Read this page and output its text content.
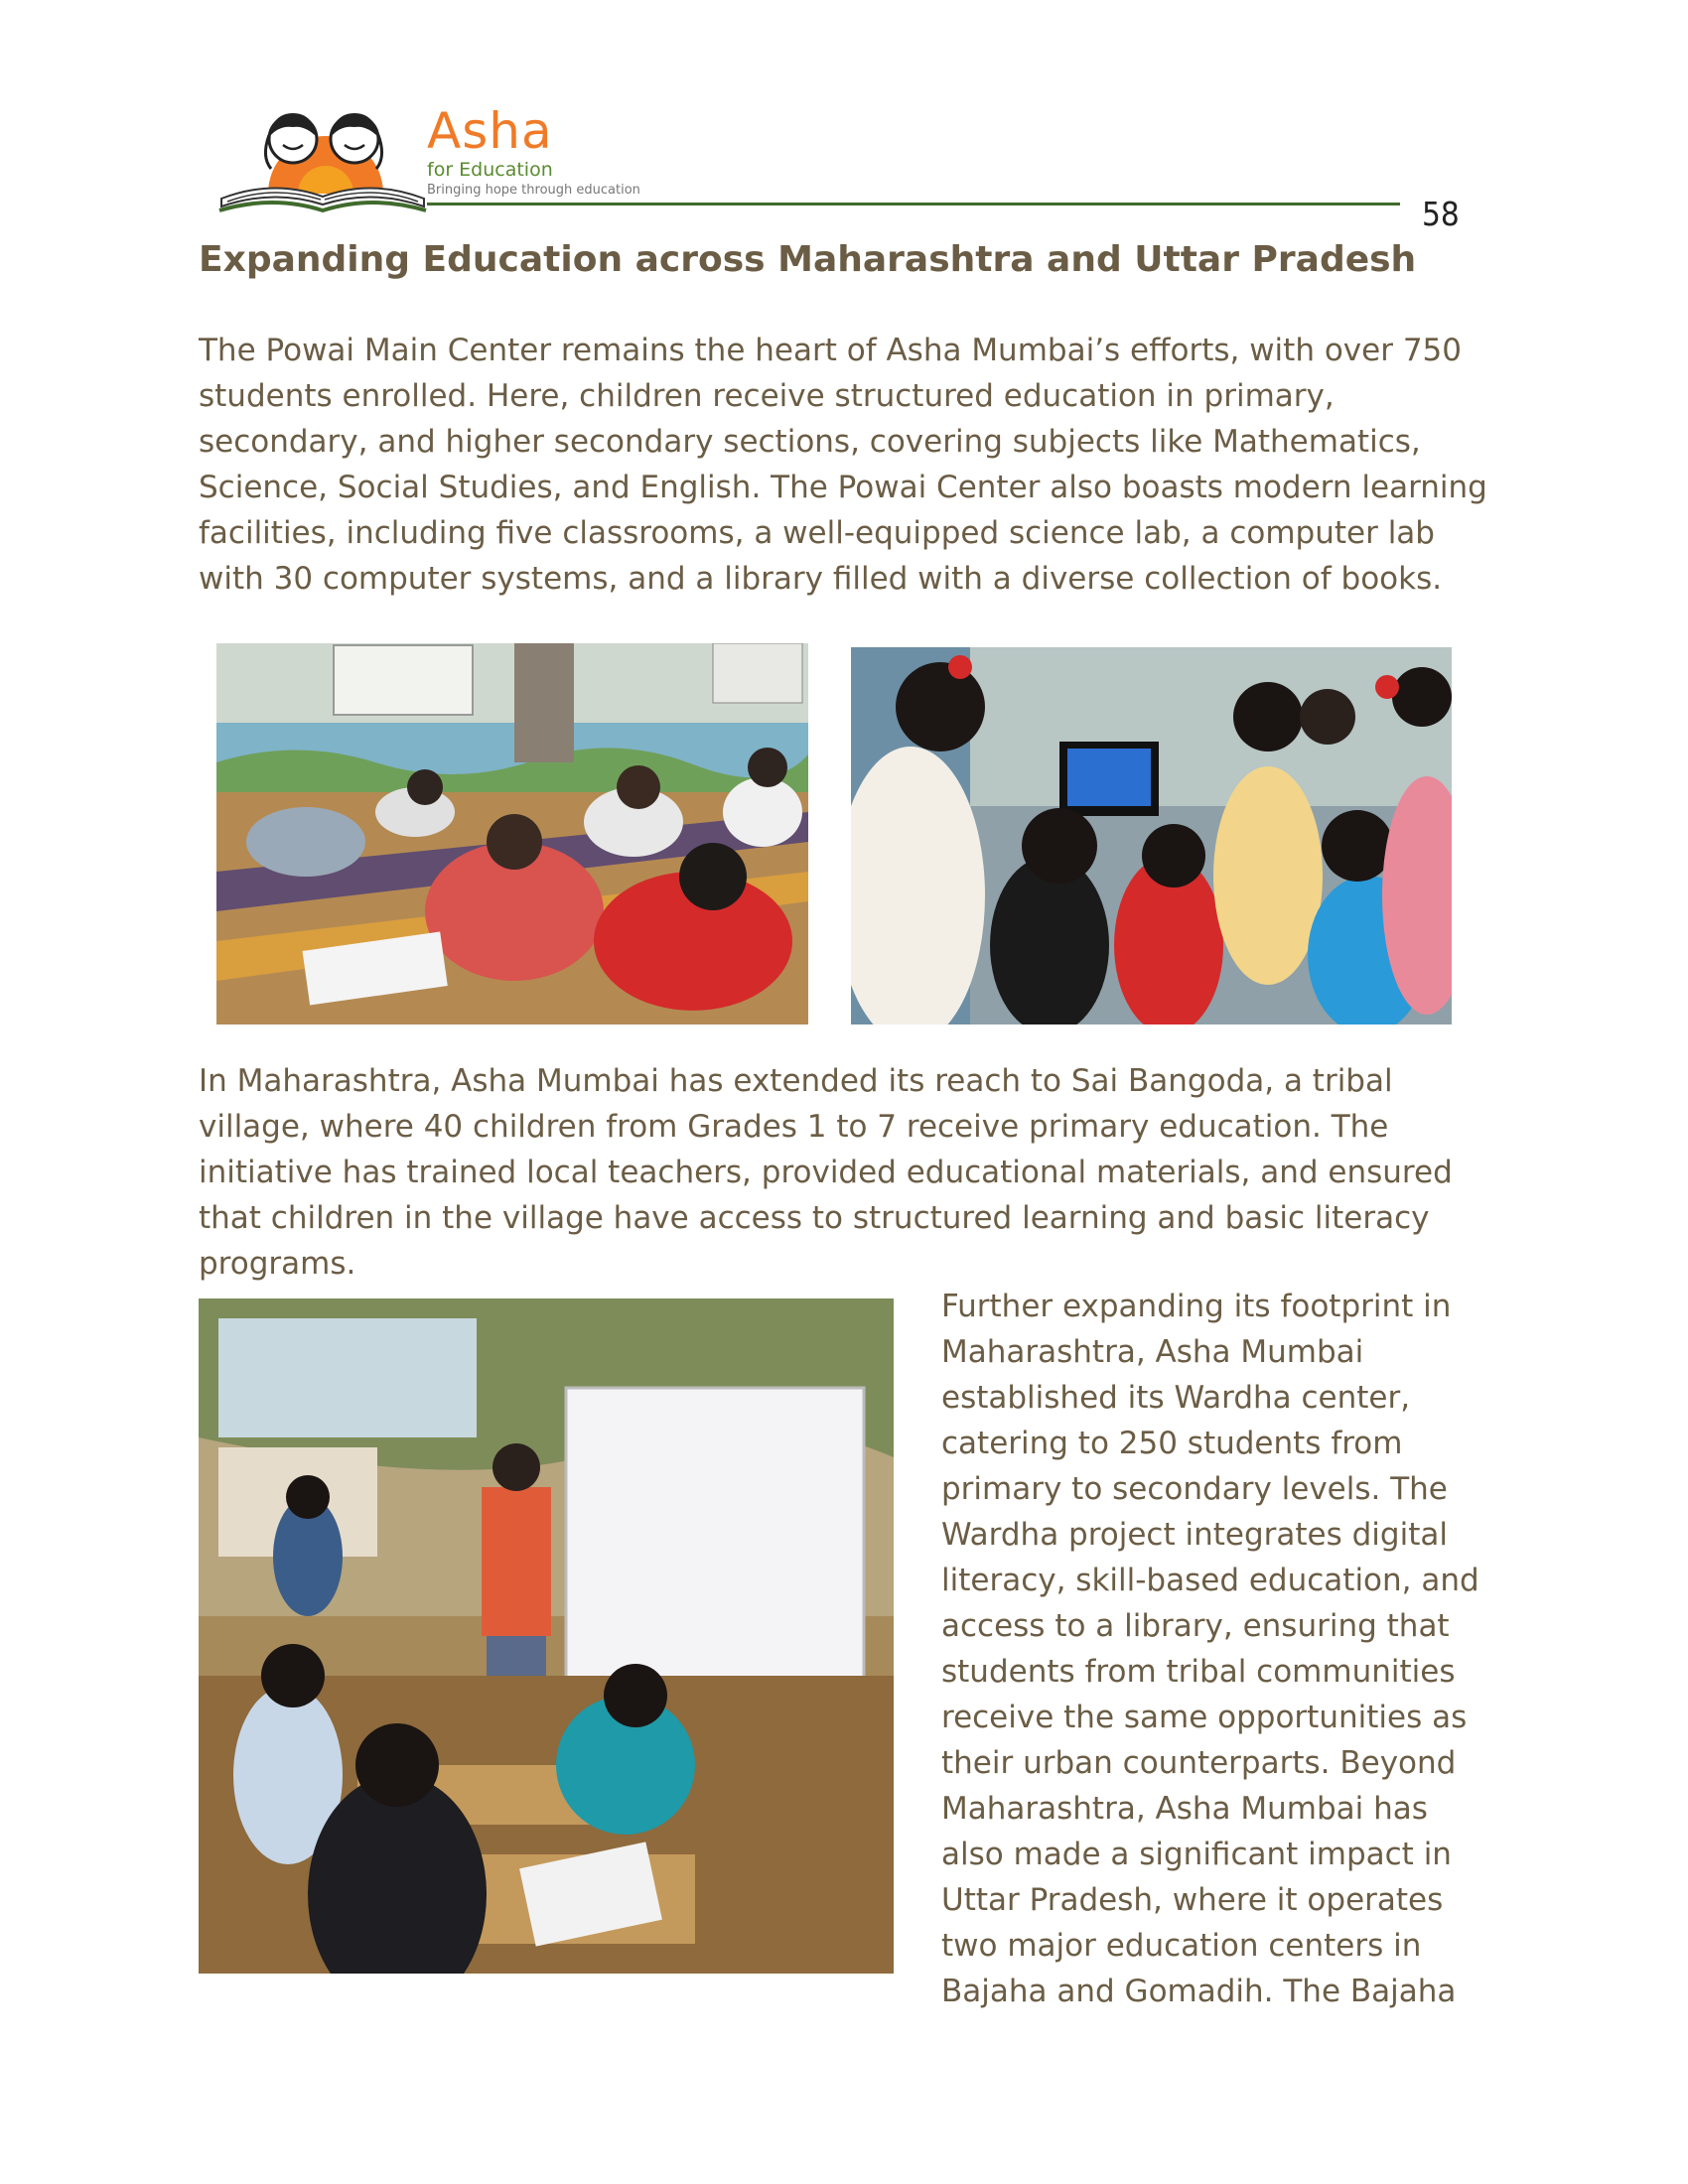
Asha
for Education
Bringing hope through education
58
Expanding Education across Maharashtra and Uttar Pradesh
The Powai Main Center remains the heart of Asha Mumbai’s efforts, with over 750 students enrolled. Here, children receive structured education in primary, secondary, and higher secondary sections, covering subjects like Mathematics, Science, Social Studies, and English. The Powai Center also boasts modern learning facilities, including five classrooms, a well-equipped science lab, a computer lab with 30 computer systems, and a library filled with a diverse collection of books.
In Maharashtra, Asha Mumbai has extended its reach to Sai Bangoda, a tribal village, where 40 children from Grades 1 to 7 receive primary education. The initiative has trained local teachers, provided educational materials, and ensured that children in the village have access to structured learning and basic literacy programs.
Further expanding its footprint in Maharashtra, Asha Mumbai established its Wardha center, catering to 250 students from primary to secondary levels. The Wardha project integrates digital literacy, skill-based education, and access to a library, ensuring that students from tribal communities receive the same opportunities as their urban counterparts. Beyond Maharashtra, Asha Mumbai has also made a significant impact in Uttar Pradesh, where it operates two major education centers in Bajaha and Gomadih. The Bajaha
